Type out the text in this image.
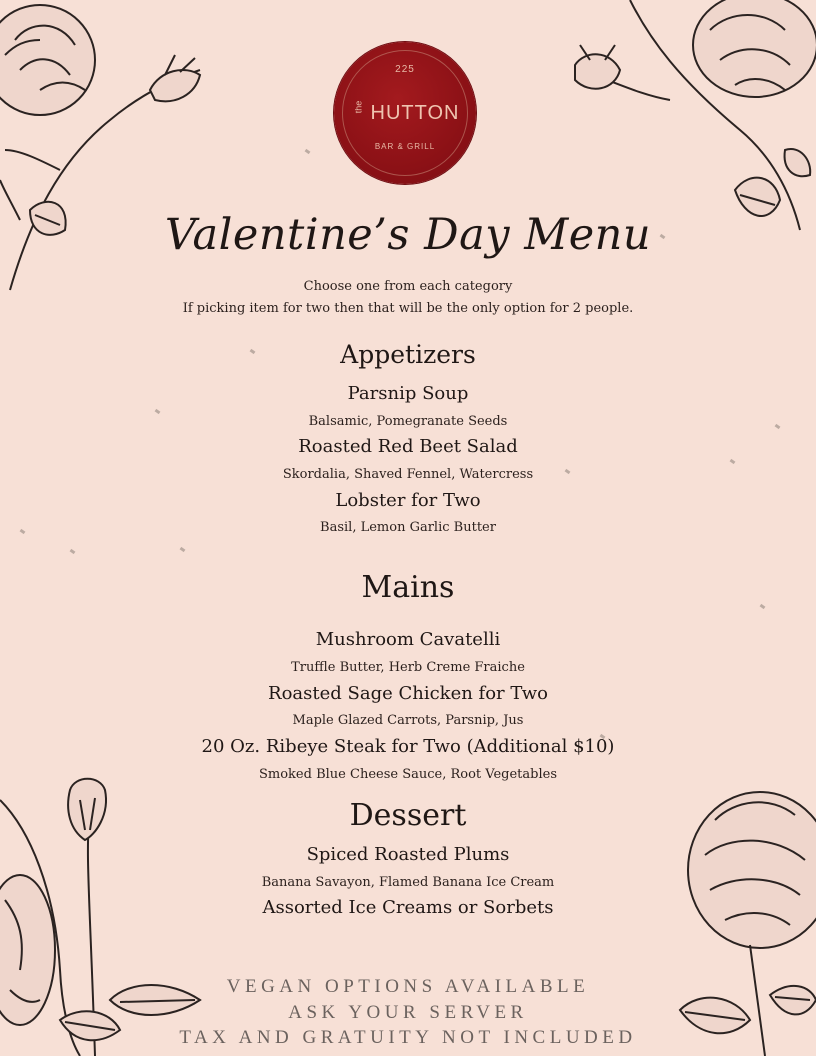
225
the HUTTON
BAR & GRILL
Valentine’s Day Menu
Choose one from each category
If picking item for two then that will be the only option for 2 people.
Appetizers
Parsnip Soup
Balsamic, Pomegranate Seeds
Roasted Red Beet Salad
Skordalia, Shaved Fennel, Watercress
Lobster for Two
Basil, Lemon Garlic Butter
Mains
Mushroom Cavatelli
Truffle Butter, Herb Creme Fraiche
Roasted Sage Chicken for Two
Maple Glazed Carrots, Parsnip, Jus
20 Oz. Ribeye Steak for Two (Additional $10)
Smoked Blue Cheese Sauce, Root Vegetables
Dessert
Spiced Roasted Plums
Banana Savayon, Flamed Banana Ice Cream
Assorted Ice Creams or Sorbets
VEGAN OPTIONS AVAILABLE
ASK YOUR SERVER
TAX AND GRATUITY NOT INCLUDED
